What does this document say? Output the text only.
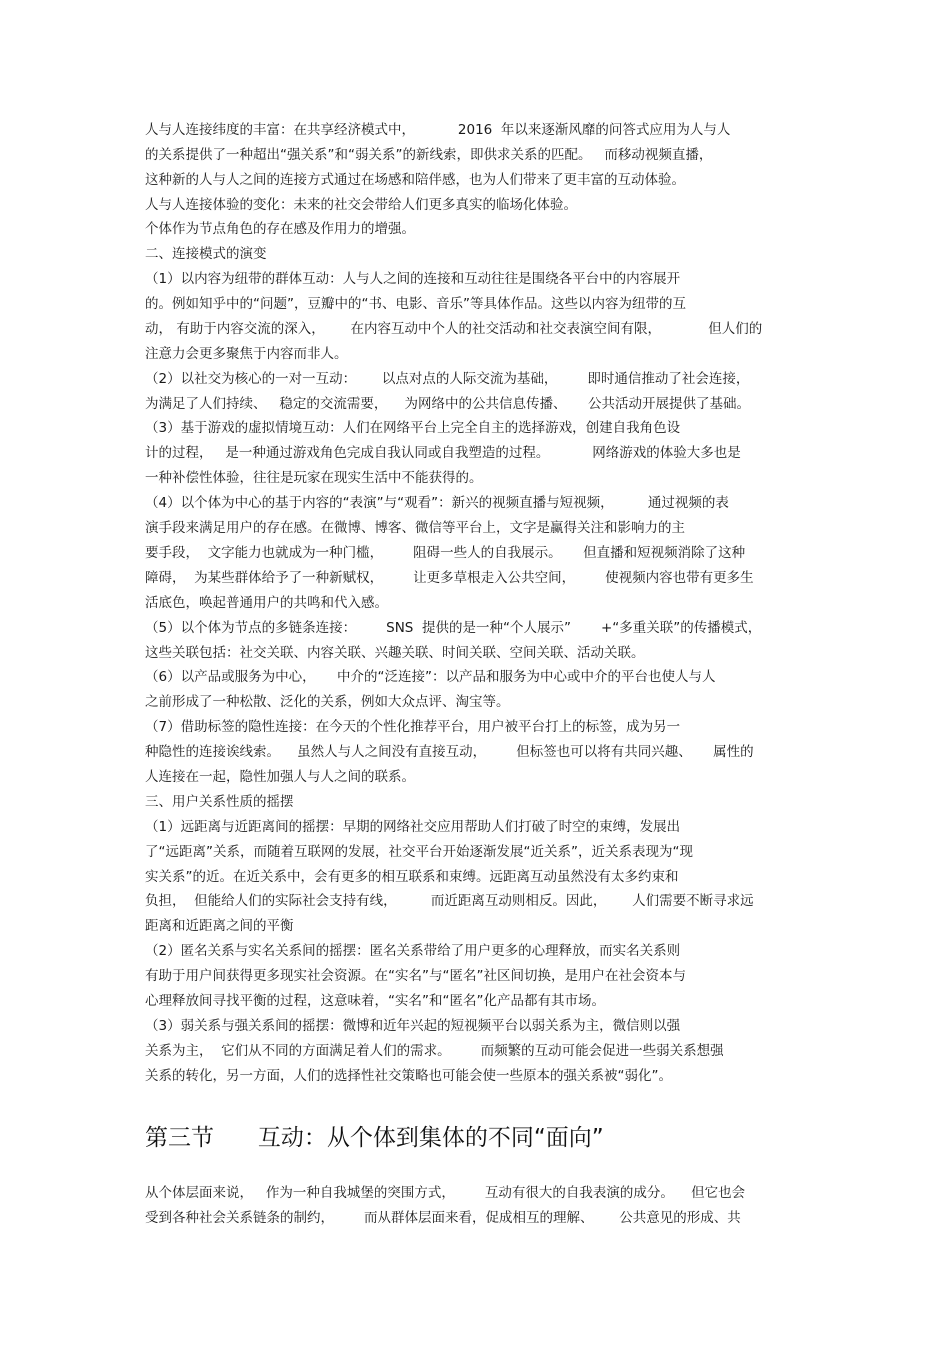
人与人连接纬度的丰富：在共享经济模式中，          2016  年以来逐渐风靡的问答式应用为人与人
的关系提供了一种超出“强关系”和“弱关系”的新线索，即供求关系的匹配。   而移动视频直播，
这种新的人与人之间的连接方式通过在场感和陪伴感，也为人们带来了更丰富的互动体验。
人与人连接体验的变化：未来的社交会带给人们更多真实的临场化体验。
个体作为节点角色的存在感及作用力的增强。
二、连接模式的演变
（1）以内容为纽带的群体互动：人与人之间的连接和互动往往是围绕各平台中的内容展开
的。例如知乎中的“问题”，豆瓣中的“书、电影、音乐”等具体作品。这些以内容为纽带的互
动， 有助于内容交流的深入，      在内容互动中个人的社交活动和社交表演空间有限，           但人们的
注意力会更多聚焦于内容而非人。
（2）以社交为核心的一对一互动：      以点对点的人际交流为基础，       即时通信推动了社会连接，
为满足了人们持续、   稳定的交流需要，    为网络中的公共信息传播、     公共活动开展提供了基础。
（3）基于游戏的虚拟情境互动：人们在网络平台上完全自主的选择游戏，创建自我角色设
计的过程，   是一种通过游戏角色完成自我认同或自我塑造的过程。          网络游戏的体验大多也是
一种补偿性体验，往往是玩家在现实生活中不能获得的。
（4）以个体为中心的基于内容的“表演”与“观看”：新兴的视频直播与短视频，        通过视频的表
演手段来满足用户的存在感。在微博、博客、微信等平台上，文字是赢得关注和影响力的主
要手段，  文字能力也就成为一种门槛，       阻碍一些人的自我展示。     但直播和短视频消除了这种
障碍，  为某些群体给予了一种新赋权，       让更多草根走入公共空间，       使视频内容也带有更多生
活底色，唤起普通用户的共鸣和代入感。
（5）以个体为节点的多链条连接：       SNS  提供的是一种“个人展示”       +“多重关联”的传播模式，
这些关联包括：社交关联、内容关联、兴趣关联、时间关联、空间关联、活动关联。
（6）以产品或服务为中心，     中介的“泛连接”：以产品和服务为中心或中介的平台也使人与人
之前形成了一种松散、泛化的关系，例如大众点评、淘宝等。
（7）借助标签的隐性连接：在今天的个性化推荐平台，用户被平台打上的标签，成为另一
种隐性的连接诶线索。    虽然人与人之间没有直接互动，       但标签也可以将有共同兴趣、     属性的
人连接在一起，隐性加强人与人之间的联系。
三、用户关系性质的摇摆
（1）远距离与近距离间的摇摆：早期的网络社交应用帮助人们打破了时空的束缚，发展出
了“远距离”关系，而随着互联网的发展，社交平台开始逐渐发展“近关系”，近关系表现为“现
实关系”的近。在近关系中，会有更多的相互联系和束缚。远距离互动虽然没有太多约束和
负担，  但能给人们的实际社会支持有线，        而近距离互动则相反。因此，      人们需要不断寻求远
距离和近距离之间的平衡
（2）匿名关系与实名关系间的摇摆：匿名关系带给了用户更多的心理释放，而实名关系则
有助于用户间获得更多现实社会资源。在“实名”与“匿名”社区间切换，是用户在社会资本与
心理释放间寻找平衡的过程，这意味着，“实名”和“匿名”化产品都有其市场。
（3）弱关系与强关系间的摇摆：微博和近年兴起的短视频平台以弱关系为主，微信则以强
关系为主，  它们从不同的方面满足着人们的需求。       而频繁的互动可能会促进一些弱关系想强
关系的转化，另一方面，人们的选择性社交策略也可能会使一些原本的强关系被“弱化”。
第三节      互动：从个体到集体的不同“面向”
从个体层面来说，   作为一种自我城堡的突围方式，       互动有很大的自我表演的成分。    但它也会
受到各种社会关系链条的制约，       而从群体层面来看，促成相互的理解、      公共意见的形成、共
